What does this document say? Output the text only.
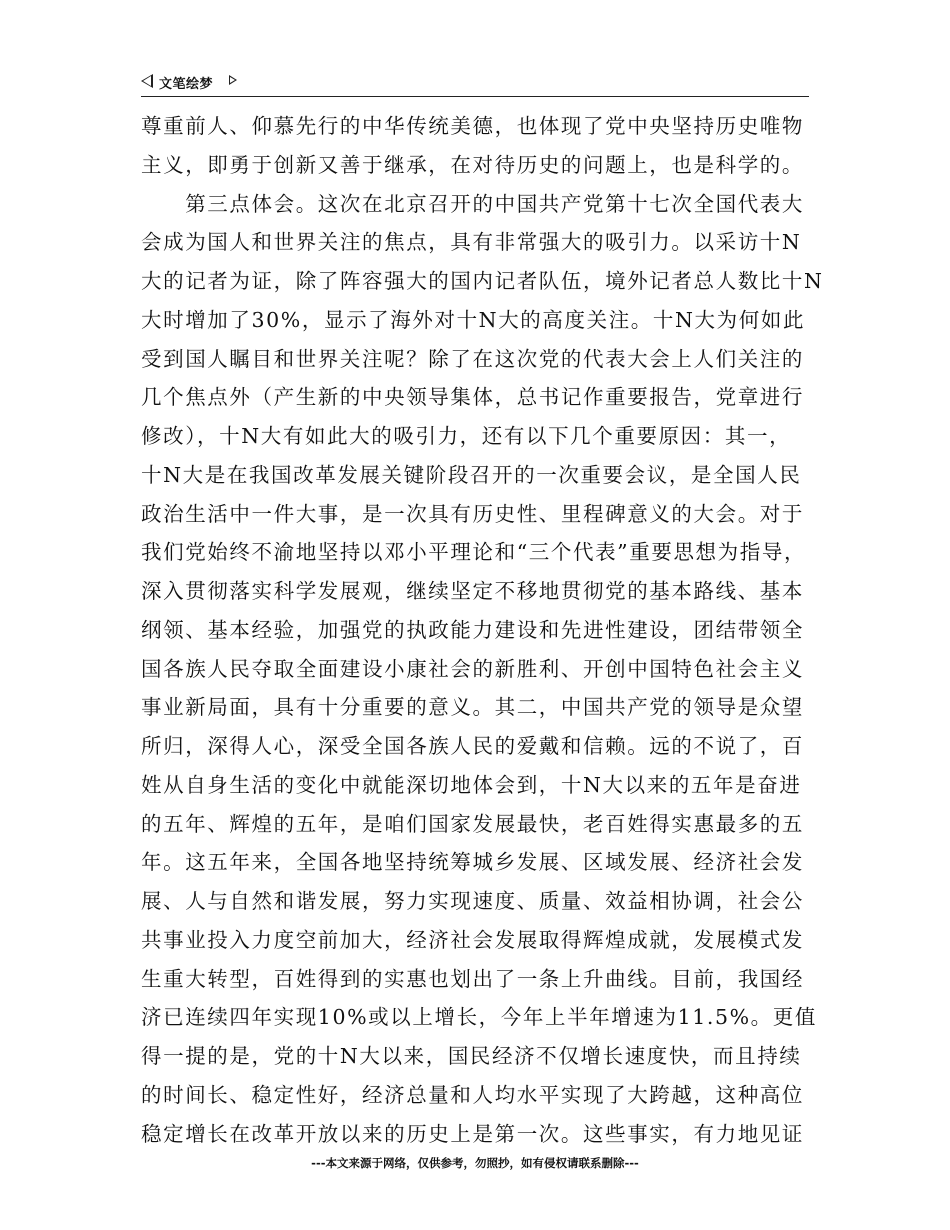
文笔绘梦
尊重前人、仰慕先行的中华传统美德，也体现了党中央坚持历史唯物
主义，即勇于创新又善于继承，在对待历史的问题上，也是科学的。
　　第三点体会。这次在北京召开的中国共产党第十七次全国代表大
会成为国人和世界关注的焦点，具有非常强大的吸引力。以采访十N
大的记者为证，除了阵容强大的国内记者队伍，境外记者总人数比十N
大时增加了30%，显示了海外对十N大的高度关注。十N大为何如此
受到国人瞩目和世界关注呢？除了在这次党的代表大会上人们关注的
几个焦点外（产生新的中央领导集体，总书记作重要报告，党章进行
修改），十N大有如此大的吸引力，还有以下几个重要原因：其一，
十N大是在我国改革发展关键阶段召开的一次重要会议，是全国人民
政治生活中一件大事，是一次具有历史性、里程碑意义的大会。对于
我们党始终不渝地坚持以邓小平理论和“三个代表”重要思想为指导，
深入贯彻落实科学发展观，继续坚定不移地贯彻党的基本路线、基本
纲领、基本经验，加强党的执政能力建设和先进性建设，团结带领全
国各族人民夺取全面建设小康社会的新胜利、开创中国特色社会主义
事业新局面，具有十分重要的意义。其二，中国共产党的领导是众望
所归，深得人心，深受全国各族人民的爱戴和信赖。远的不说了，百
姓从自身生活的变化中就能深切地体会到，十N大以来的五年是奋进
的五年、辉煌的五年，是咱们国家发展最快，老百姓得实惠最多的五
年。这五年来，全国各地坚持统筹城乡发展、区域发展、经济社会发
展、人与自然和谐发展，努力实现速度、质量、效益相协调，社会公
共事业投入力度空前加大，经济社会发展取得辉煌成就，发展模式发
生重大转型，百姓得到的实惠也划出了一条上升曲线。目前，我国经
济已连续四年实现10%或以上增长，今年上半年增速为11.5%。更值
得一提的是，党的十N大以来，国民经济不仅增长速度快，而且持续
的时间长、稳定性好，经济总量和人均水平实现了大跨越，这种高位
稳定增长在改革开放以来的历史上是第一次。这些事实，有力地见证
---本文来源于网络，仅供参考，勿照抄，如有侵权请联系删除---
